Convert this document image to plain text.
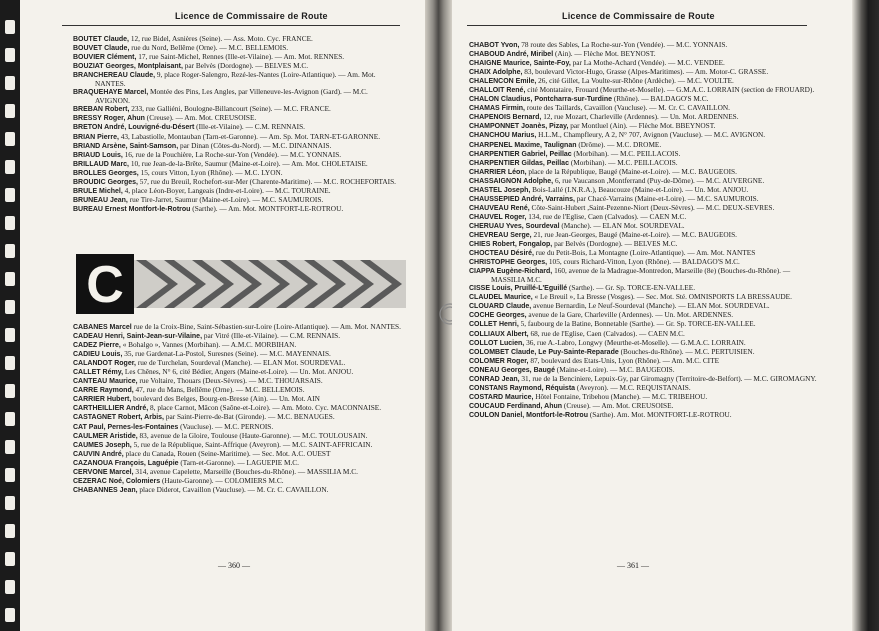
Licence de Commissaire de Route

BOUTET Claude, 12, rue Bidel, Asnières (Seine). — Ass. Moto. Cyc. FRANCE.

BOUVET Claude, rue du Nord, Bellême (Orne). — M.C. BELLEMOIS.

BOUVIER Clément, 17, rue Saint-Michel, Rennes (Ille-et-Vilaine). — Am. Mot. RENNES.

BOUZIAT Georges, Montplaisant, par Belvès (Dordogne). — BELVES M.C.

BRANCHEREAU Claude, 9, place Roger-Salengro, Rezé-les-Nantes (Loire-Atlantique). — Am. Mot. NANTES.

BRAQUEHAYE Marcel, Montée des Pins, Les Angles, par Villeneuve-les-Avignon (Gard). — M.C. AVIGNON.

BREBAN Robert, 233, rue Galliéni, Boulogne-Billancourt (Seine). — M.C. FRANCE.

BRESSY Roger, Ahun (Creuse). — Am. Mot. CREUSOISE.

BRETON André, Louvigné-du-Désert (Ille-et-Vilaine). — C.M. RENNAIS.

BRIAN Pierre, 43, Labastiolle, Montauban (Tarn-et-Garonne). — Am. Sp. Mot. TARN-ET-GARONNE.

BRIAND Arsène, Saint-Samson, par Dinan (Côtes-du-Nord). — M.C. DINANNAIS.

BRIAUD Louis, 16, rue de la Pouchière, La Roche-sur-Yon (Vendée). — M.C. YONNAIS.

BRILLAUD Marc, 10, rue Jean-de-la-Brête, Saumur (Maine-et-Loire). — Am. Mot. CHOLETAISE.

BROLLES Georges, 15, cours Vitton, Lyon (Rhône). — M.C. LYON.

BROUDIC Georges, 57, rue du Breuil, Rochefort-sur-Mer (Charente-Maritime). — M.C. ROCHEFORTAIS.

BRULE Michel, 4, place Léon-Boyer, Langeais (Indre-et-Loire). — M.C. TOURAINE.

BRUNEAU Jean, rue Tire-Jarret, Saumur (Maine-et-Loire). — M.C. SAUMUROIS.

BUREAU Ernest Montfort-le-Rotrou (Sarthe). — Am. Mot. MONTFORT-LE-ROTROU.

C

CABANES Marcel rue de la Croix-Bine, Saint-Sébastien-sur-Loire (Loire-Atlantique). — Am. Mot. NANTES.

CADEAU Henri, Saint-Jean-sur-Vilaine, par Vitré (Ille-et-Vilaine). — C.M. RENNAIS.

CADEZ Pierre, « Bohalgo », Vannes (Morbihan). — A.M.C. MORBIHAN.

CADIEU Louis, 35, rue Gardenat-La-Postol, Suresnes (Seine). — M.C. MAYENNAIS.

CALANDOT Roger, rue de Turchelan, Sourdeval (Manche). — ELAN Mot. SOURDEVAL.

CALLET Rémy, Les Chênes, N° 6, cité Bédier, Angers (Maine-et-Loire). — Un. Mot. ANJOU.

CANTEAU Maurice, rue Voltaire, Thouars (Deux-Sèvres). — M.C. THOUARSAIS.

CARRE Raymond, 47, rue du Mans, Bellême (Orne). — M.C. BELLEMOIS.

CARRIER Hubert, boulevard des Belges, Bourg-en-Bresse (Ain). — Un. Mot. AIN

CARTHEILLIER André, 8, place Carnot, Mâcon (Saône-et-Loire). — Am. Moto. Cyc. MACONNAISE.

CASTAGNET Robert, Arbis, par Saint-Pierre-de-Bat (Gironde). — M.C. BENAUGES.

CAT Paul, Pernes-les-Fontaines (Vaucluse). — M.C. PERNOIS.

CAULMER Aristide, 83, avenue de la Gloire, Toulouse (Haute-Garonne). — M.C. TOULOUSAIN.

CAUMES Joseph, 5, rue de la République, Saint-Affrique (Aveyron). — M.C. SAINT-AFFRICAIN.

CAUVIN André, place du Canada, Rouen (Seine-Maritime). — Sec. Mot. A.C. OUEST

CAZANOUA François, Laguépie (Tarn-et-Garonne). — LAGUEPIE M.C.

CERVONE Marcel, 314, avenue Capelette, Marseille (Bouches-du-Rhône). — MASSILIA M.C.

CEZERAC Noé, Colomiers (Haute-Garonne). — COLOMIERS M.C.

CHABANNES Jean, place Diderot, Cavaillon (Vaucluse). — M. Cr. C. CAVAILLON.

— 360 —
Licence de Commissaire de Route

CHABOT Yvon, 78 route des Sables, La Roche-sur-Yon (Vendée). — M.C. YONNAIS.

CHABOUD André, Miribel (Ain). — Flèche Mot. BEYNOST.

CHAIGNE Maurice, Sainte-Foy, par La Mothe-Achard (Vendée). — M.C. VENDEE.

CHAIX Adolphe, 83, boulevard Victor-Hugo, Grasse (Alpes-Maritimes). — Am. Motor-C. GRASSE.

CHALENCON Emile, 26, cité Gillet, La Voulte-sur-Rhône (Ardèche). — M.C. VOULTE.

CHALLOIT René, cité Montataire, Frouard (Meurthe-et-Moselle). — G.M.A.C. LORRAIN (section de FROUARD).

CHALON Claudius, Pontcharra-sur-Turdine (Rhône). — BALDAGO'S M.C.

CHAMAS Firmin, route des Taillards, Cavaillon (Vaucluse). — M. Cr. C. CAVAILLON.

CHAPENOIS Bernard, 12, rue Mozart, Charleville (Ardennes). — Un. Mot. ARDENNES.

CHAMPONNET Joanès, Pizay, par Montluel (Ain). — Flèche Mot. BBEYNOST.

CHANCHOU Marius, H.L.M., Champfleury, A 2, N° 707, Avignon (Vaucluse). — M.C. AVIGNON.

CHARPENEL Maxime, Taulignan (Drôme). — M.C. DROME.

CHARPENTIER Gabriel, Peillac (Morbihan). — M.C. PEILLACOIS.

CHARPENTIER Gildas, Peillac (Morbihan). — M.C. PEILLACOIS.

CHARRIER Léon, place de la République, Baugé (Maine-et-Loire). — M.C. BAUGEOIS.

CHASSAIGNON Adolphe, 6, rue Vaucanson ,Montferrand (Puy-de-Dôme). — M.C. AUVERGNE.

CHASTEL Joseph, Bois-Lallé (I.N.R.A.), Beaucouze (Maine-et-Loire). — Un. Mot. ANJOU.

CHAUSSEPIED André, Varrains, par Chacé-Varrains (Maine-et-Loire). — M.C. SAUMUROIS.

CHAUVEAU René, Côte-Saint-Hubert ,Saint-Pezenne-Niort (Deux-Sèvres). — M.C. DEUX-SEVRES.

CHAUVEL Roger, 134, rue de l'Eglise, Caen (Calvados). — CAEN M.C.

CHERUAU Yves, Sourdeval (Manche). — ELAN Mot. SOURDEVAL.

CHEVREAU Serge, 21, rue Jean-Georges, Baugé (Maine-et-Loire). — M.C. BAUGEOIS.

CHIES Robert, Fongalop, par Belvès (Dordogne). — BELVES M.C.

CHOCTEAU Désiré, rue du Petit-Bois, La Montagne (Loire-Atlantique). — Am. Mot. NANTES

CHRISTOPHE Georges, 105, cours Richard-Vitton, Lyon (Rhône). — BALDAGO'S M.C.

CIAPPA Eugène-Richard, 160, avenue de la Madrague-Montredon, Marseille (8e) (Bouches-du-Rhône). — MASSILIA M.C.

CISSE Louis, Pruillé-L'Eguillé (Sarthe). — Gr. Sp. TORCE-EN-VALLEE.

CLAUDEL Maurice, « Le Breuil », La Bresse (Vosges). — Sec. Mot. Sté. OMNISPORTS LA BRESSAUDE.

CLOUARD Claude, avenue Bernardin, Le Neuf-Sourdeval (Manche). — ELAN Mot. SOURDEVAL.

COCHE Georges, avenue de la Gare, Charleville (Ardennes). — Un. Mot. ARDENNES.

COLLET Henri, 5, faubourg de la Batine, Bonnetable (Sarthe). — Gr. Sp. TORCE-EN-VALLEE.

COLLIAUX Albert, 68, rue de l'Eglise, Caen (Calvados). — CAEN M.C.

COLLOT Lucien, 36, rue A.-Labro, Longwy (Meurthe-et-Moselle). — G.M.A.C. LORRAIN.

COLOMBET Claude, Le Puy-Sainte-Reparade (Bouches-du-Rhône). — M.C. PERTUISIEN.

COLOMER Roger, 87, boulevard des Etats-Unis, Lyon (Rhône). — Am. M.C. CITE

CONEAU Georges, Baugé (Maine-et-Loire). — M.C. BAUGEOIS.

CONRAD Jean, 31, rue de la Benciniere, Lepuix-Gy, par Giromagny (Territoire-de-Belfort). — M.C. GIROMAGNY.

CONSTANS Raymond, Réquista (Aveyron). — M.C. REQUISTANAIS.

COSTARD Maurice, Hôtel Fontaine, Tribehou (Manche). — M.C. TRIBEHOU.

COUCAUD Ferdinand, Ahun (Creuse). — Am. Mot. CREUSOISE.

COULON Daniel, Montfort-le-Rotrou (Sarthe). Am. Mot. MONTFORT-LE-ROTROU.

— 361 —
